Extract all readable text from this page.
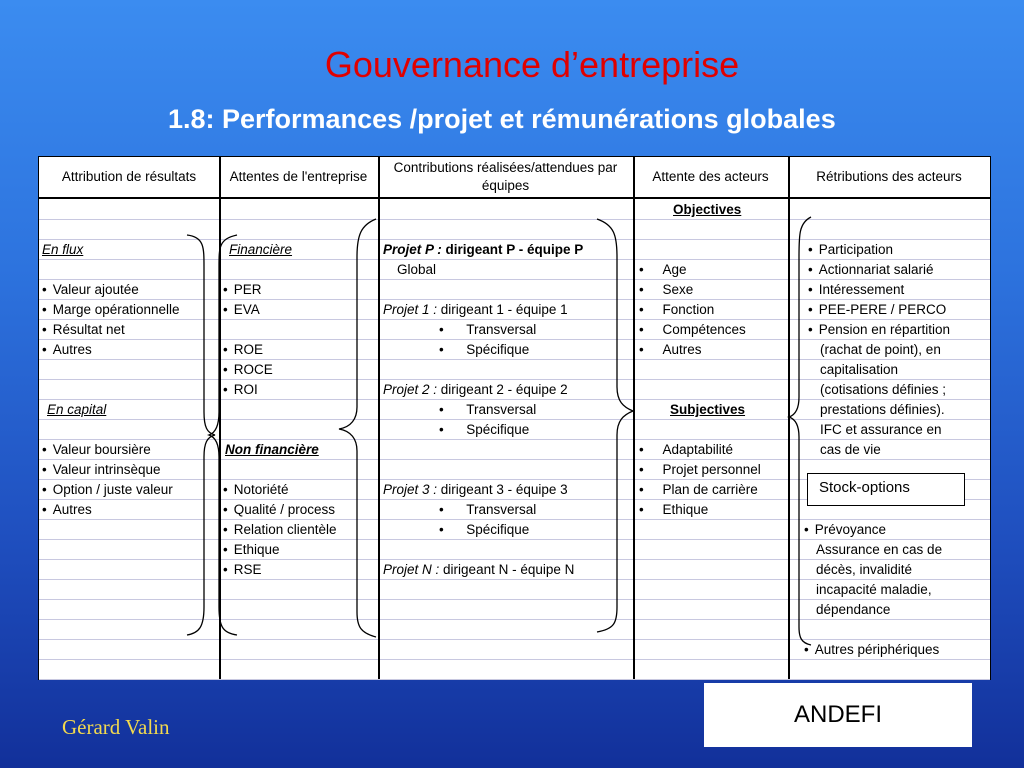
Gouvernance d’entreprise
1.8: Performances /projet et rémunérations globales
Attribution de résultats	Attentes de l'entreprise
Contributions réalisées/attendues par équipes
Attente des acteurs	Rétributions des acteurs
En flux
• Valeur ajoutée
• Marge opérationnelle
• Résultat net
• Autres
En capital
• Valeur boursière
• Valeur intrinsèque
• Option / juste valeur
• Autres
Financière
• PER
• EVA
• ROE
• ROCE
• ROI
Non financière
• Notoriété
• Qualité / process
• Relation clientèle
• Ethique
• RSE
Projet P : dirigeant P - équipe P
Global
Projet 1 : dirigeant 1 - équipe 1
•      Transversal
•      Spécifique
Projet 2 : dirigeant 2 - équipe 2
•      Transversal
•      Spécifique
Projet 3 : dirigeant 3 - équipe 3
•      Transversal
•      Spécifique
Projet N : dirigeant N - équipe N
Objectives
•     Age
•     Sexe
•     Fonction
•     Compétences
•     Autres
Subjectives
•     Adaptabilité
•     Projet personnel
•     Plan de carrière
•     Ethique
• Participation
• Actionnariat salarié
• Intéressement
• PEE-PERE / PERCO
• Pension en répartition
(rachat de point), en
capitalisation
(cotisations définies ;
prestations définies).
IFC et assurance en
cas de vie
• Prévoyance
Assurance en cas de
décès, invalidité
incapacité maladie,
dépendance
• Autres périphériques
Stock-options
ANDEFI
Gérard Valin
